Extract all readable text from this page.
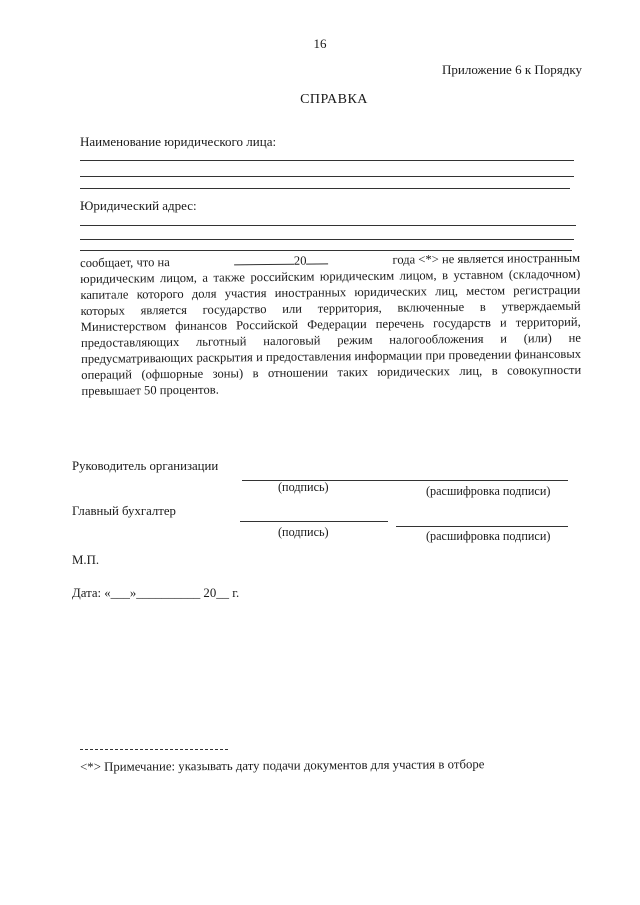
16
Приложение 6 к Порядку
СПРАВКА
Наименование юридического лица:
Юридический адрес:
сообщает, что на	20	года <*> не является иностранным
юридическим лицом, а также российским юридическим лицом, в уставном (складочном) капитале которого доля участия иностранных юридических лиц, местом регистрации которых является государство или территория, включенные в утверждаемый Министерством финансов Российской Федерации перечень государств и территорий, предоставляющих льготный налоговый режим налогообложения и (или) не предусматривающих раскрытия и предоставления информации при проведении финансовых операций (офшорные зоны) в отношении таких юридических лиц, в совокупности превышает 50 процентов.
Руководитель организации
(подпись)	(расшифровка подписи)
Главный бухгалтер
(подпись)	(расшифровка подписи)
М.П.
Дата: «___»__________ 20__ г.
<*> Примечание: указывать дату подачи документов для участия в отборе
